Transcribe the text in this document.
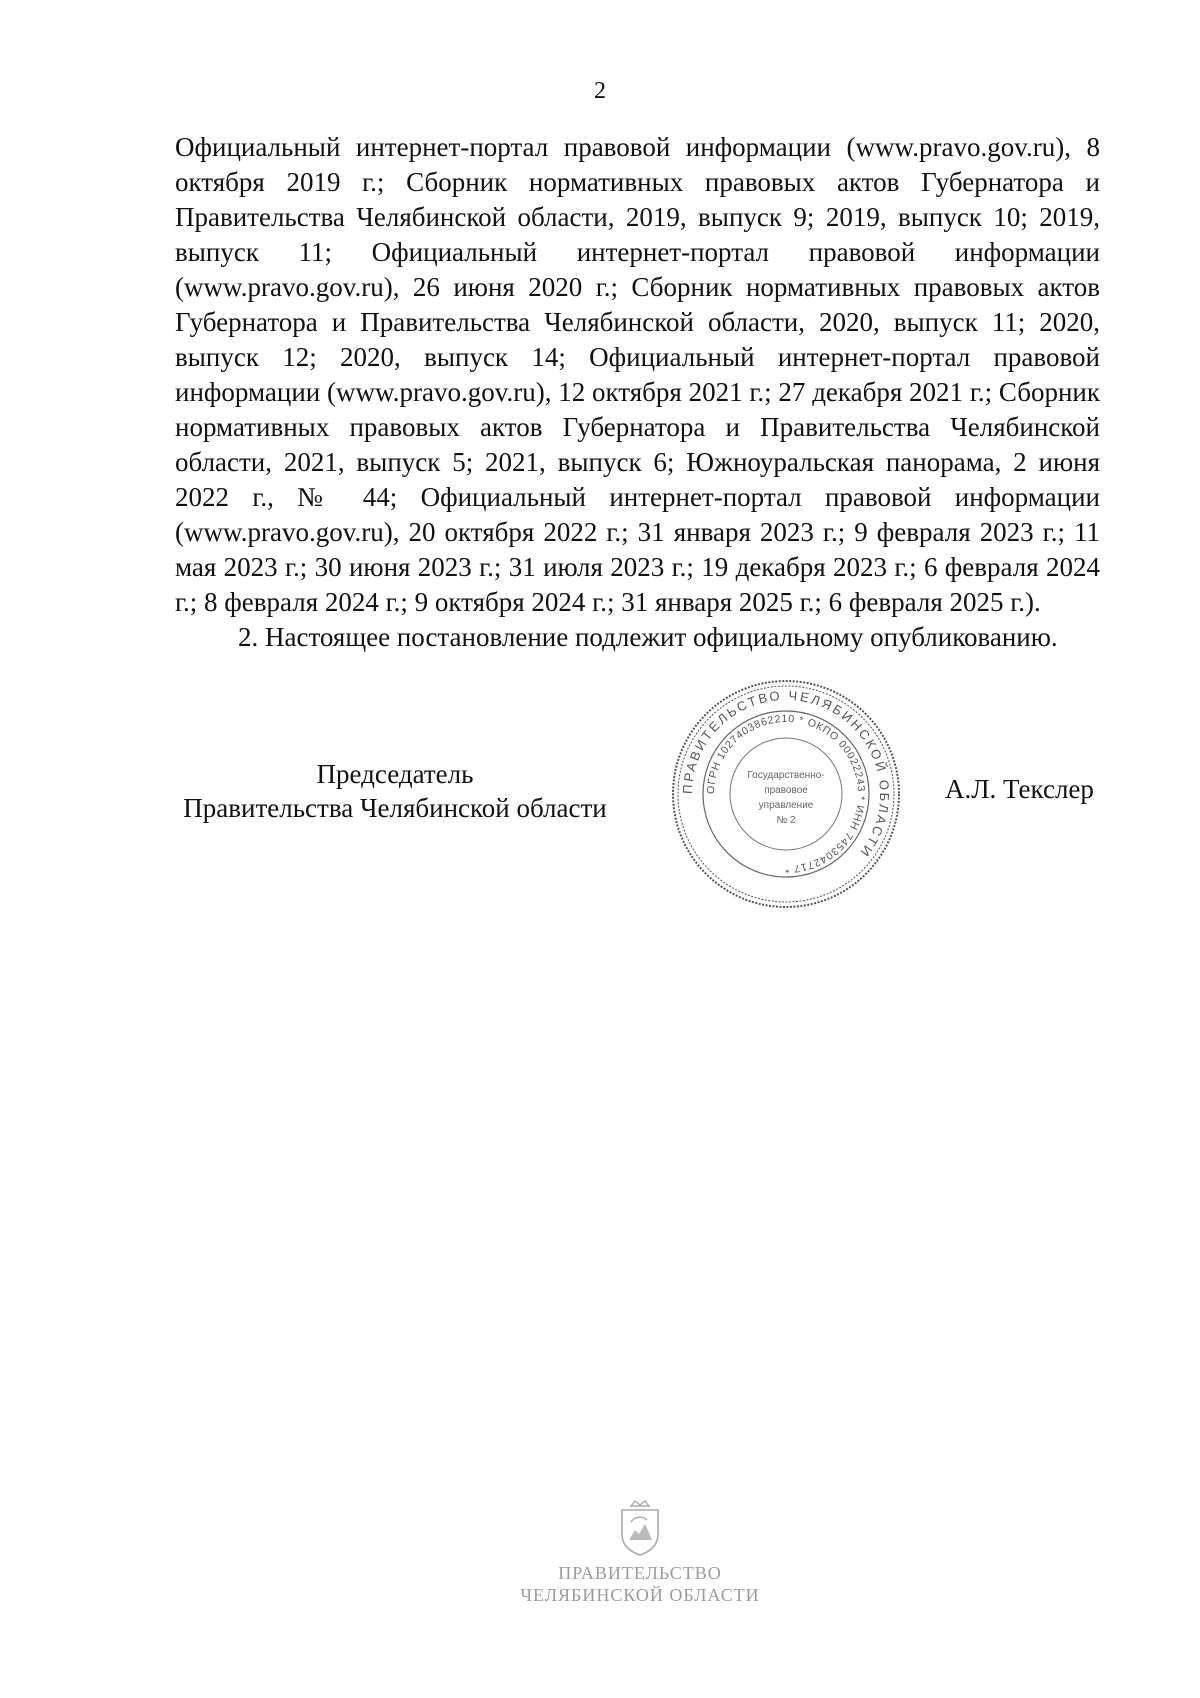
2

Официальный интернет-портал правовой информации (www.pravo.gov.ru), 8 октября 2019 г.; Сборник нормативных правовых актов Губернатора и Правительства Челябинской области, 2019, выпуск 9; 2019, выпуск 10; 2019, выпуск 11; Официальный интернет-портал правовой информации (www.pravo.gov.ru), 26 июня 2020 г.; Сборник нормативных правовых актов Губернатора и Правительства Челябинской области, 2020, выпуск 11; 2020, выпуск 12; 2020, выпуск 14; Официальный интернет-портал правовой информации (www.pravo.gov.ru), 12 октября 2021 г.; 27 декабря 2021 г.; Сборник нормативных правовых актов Губернатора и Правительства Челябинской области, 2021, выпуск 5; 2021, выпуск 6; Южноуральская панорама, 2 июня 2022 г., № 44; Официальный интернет-портал правовой информации (www.pravo.gov.ru), 20 октября 2022 г.; 31 января 2023 г.; 9 февраля 2023 г.; 11 мая 2023 г.; 30 июня 2023 г.; 31 июля 2023 г.; 19 декабря 2023 г.; 6 февраля 2024 г.; 8 февраля 2024 г.; 9 октября 2024 г.; 31 января 2025 г.; 6 февраля 2025 г.).

2. Настоящее постановление подлежит официальному опубликованию.

Председатель
Правительства Челябинской области
А.Л. Текслер
ПРАВИТЕЛЬСТВО ЧЕЛЯБИНСКОЙ ОБЛАСТИ
ОГРН 1027403862210 * ОКПО 00022243 * ИНН 7453042717 *
Государственно-
правовое
управление
№ 2
ПРАВИТЕЛЬСТВО
ЧЕЛЯБИНСКОЙ ОБЛАСТИ
